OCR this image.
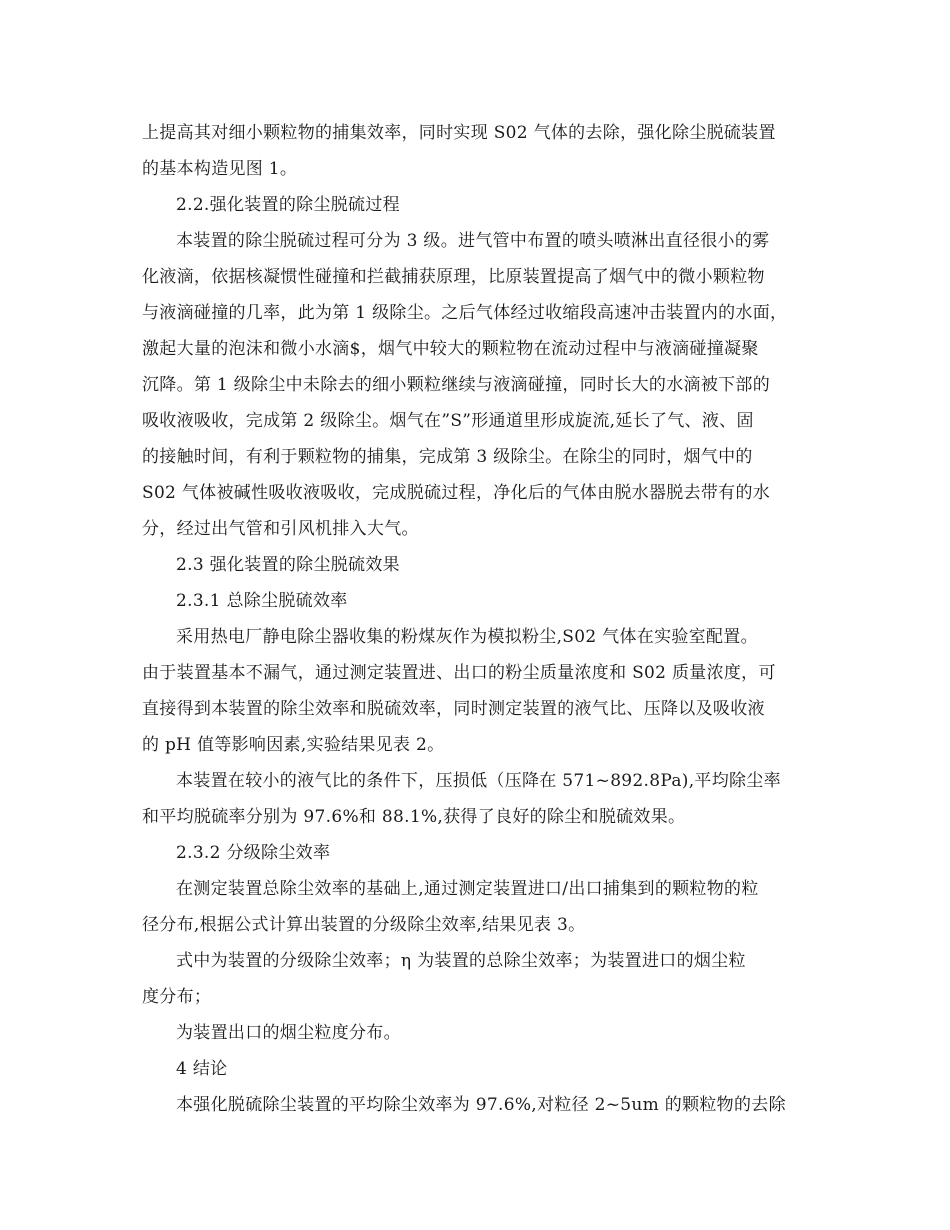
上提高其对细小颗粒物的捕集效率，同时实现 S02 气体的去除，强化除尘脱硫装置
的基本构造见图 1。
2.2.强化装置的除尘脱硫过程
本装置的除尘脱硫过程可分为 3 级。进气管中布置的喷头喷淋出直径很小的雾
化液滴，依据核凝惯性碰撞和拦截捕获原理，比原装置提高了烟气中的微小颗粒物
与液滴碰撞的几率，此为第 1 级除尘。之后气体经过收缩段高速冲击装置内的水面，
激起大量的泡沫和微小水滴$，烟气中较大的颗粒物在流动过程中与液滴碰撞凝聚
沉降。第 1 级除尘中未除去的细小颗粒继续与液滴碰撞，同时长大的水滴被下部的
吸收液吸收，完成第 2 级除尘。烟气在”S”形通道里形成旋流,延长了气、液、固
的接触时间，有利于颗粒物的捕集，完成第 3 级除尘。在除尘的同时，烟气中的
S02 气体被碱性吸收液吸收，完成脱硫过程，净化后的气体由脱水器脱去带有的水
分，经过出气管和引风机排入大气。
2.3 强化装置的除尘脱硫效果
2.3.1 总除尘脱硫效率
采用热电厂静电除尘器收集的粉煤灰作为模拟粉尘,S02 气体在实验室配置。
由于装置基本不漏气，通过测定装置进、出口的粉尘质量浓度和 S02 质量浓度，可
直接得到本装置的除尘效率和脱硫效率，同时测定装置的液气比、压降以及吸收液
的 pH 值等影响因素,实验结果见表 2。
本装置在较小的液气比的条件下，压损低（压降在 571~892.8Pa),平均除尘率
和平均脱硫率分别为 97.6%和 88.1%,获得了良好的除尘和脱硫效果。
2.3.2 分级除尘效率
在测定装置总除尘效率的基础上,通过测定装置进口/出口捕集到的颗粒物的粒
径分布,根据公式计算出装置的分级除尘效率,结果见表 3。
式中为装置的分级除尘效率；η 为装置的总除尘效率；为装置进口的烟尘粒
度分布；
为装置出口的烟尘粒度分布。
4 结论
本强化脱硫除尘装置的平均除尘效率为 97.6%,对粒径 2~5um 的颗粒物的去除
